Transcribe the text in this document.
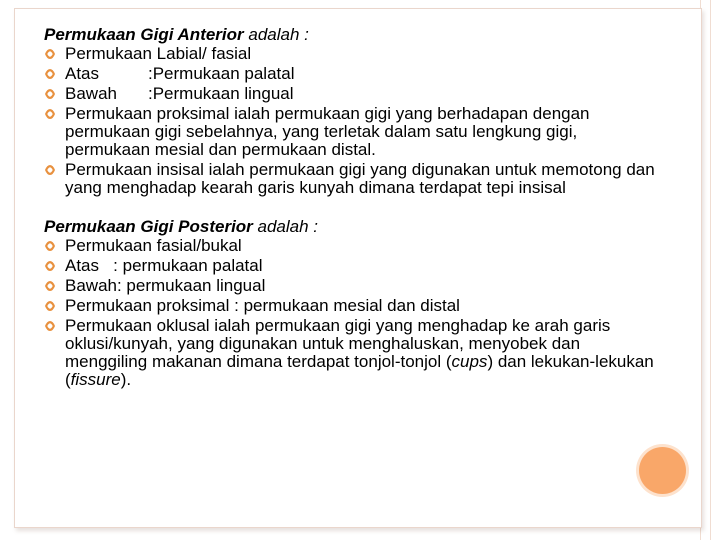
Permukaan Gigi Anterior adalah :
Permukaan Labial/ fasial
Atas	:Permukaan palatal
Bawah :Permukaan lingual
Permukaan proksimal ialah permukaan gigi yang berhadapan dengan permukaan gigi sebelahnya, yang terletak dalam satu lengkung gigi, permukaan mesial dan permukaan distal.
Permukaan insisal ialah permukaan gigi yang digunakan untuk memotong dan yang menghadap kearah garis kunyah dimana terdapat tepi insisal
Permukaan Gigi Posterior adalah :
Permukaan fasial/bukal
Atas   : permukaan palatal
Bawah: permukaan lingual
Permukaan proksimal : permukaan mesial dan distal
Permukaan oklusal ialah permukaan gigi yang menghadap ke arah garis oklusi/kunyah, yang digunakan untuk menghaluskan, menyobek dan menggiling makanan dimana terdapat tonjol-tonjol (cups) dan lekukan-lekukan (fissure).
